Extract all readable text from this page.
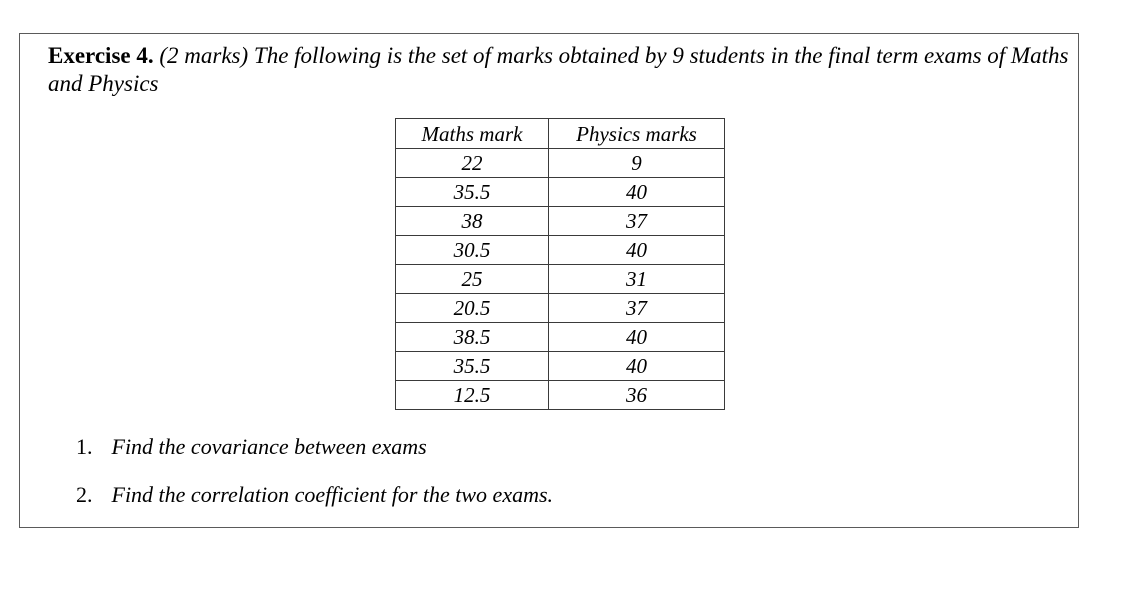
Exercise 4. (2 marks) The following is the set of marks obtained by 9 students in the final term exams of Maths and Physics

Maths mark	Physics marks
22	9
35.5	40
38	37
30.5	40
25	31
20.5	37
38.5	40
35.5	40
12.5	36
1. Find the covariance between exams
2. Find the correlation coefficient for the two exams.
